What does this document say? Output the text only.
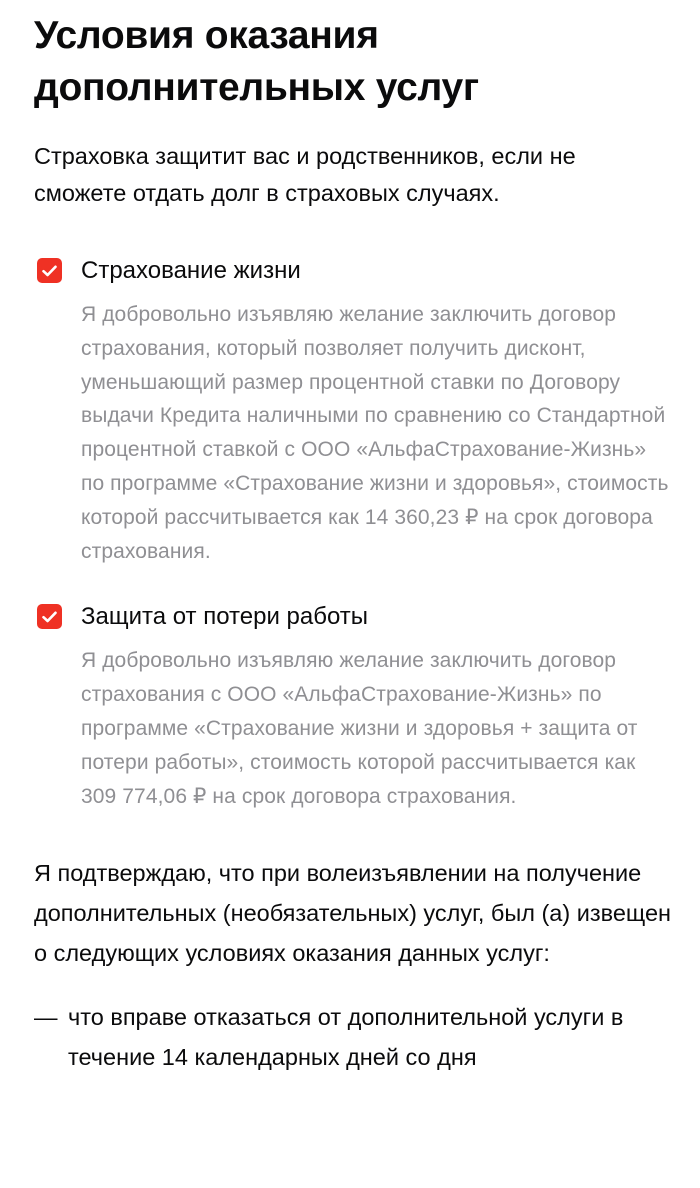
Условия оказания
дополнительных услуг

Страховка защитит вас и родственников, если не сможете отдать долг в страховых случаях.

Страхование жизни
Я добровольно изъявляю желание заключить договор страхования, который позволяет получить дисконт, уменьшающий размер процентной ставки по Договору выдачи Кредита наличными по сравнению со Стандартной процентной ставкой с ООО «АльфаСтрахование-Жизнь» по программе «Страхование жизни и здоровья», стоимость которой рассчитывается как 14 360,23 ₽ на срок договора страхования.
Защита от потери работы
Я добровольно изъявляю желание заключить договор страхования с ООО «АльфаСтрахование-Жизнь» по программе «Страхование жизни и здоровья + защита от потери работы», стоимость которой рассчитывается как 309 774,06 ₽ на срок договора страхования.

Я подтверждаю, что при волеизъявлении на получение дополнительных (необязательных) услуг, был (а) извещен о следующих условиях оказания данных услуг:

— что вправе отказаться от дополнительной услуги в течение 14 календарных дней со дня
